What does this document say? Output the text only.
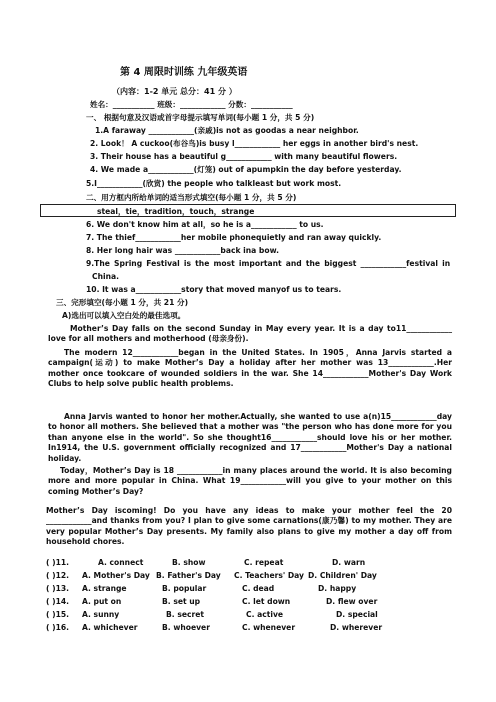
第 4 周限时训练 九年级英语
（内容：1-2 单元 总分：41 分 ）
姓名：___________ 班级：____________ 分数：___________
一、 根据句意及汉语或首字母提示填写单词(每小题 1 分，共 5 分)
1.A faraway ____________(亲戚)is not as goodas a near neighbor.
2. Look！ A cuckoo(布谷鸟)is busy l____________ her eggs in another bird's nest.
3. Their house has a beautiful g____________ with many beautiful flowers.
4. We made a____________(灯笼) out of apumpkin the day before yesterday.
5.I____________(欣赏) the people who talkleast but work most.
二、用方框内所给单词的适当形式填空(每小题 1 分，共 5 分)
steal，tie，tradition，touch，strange
6. We don't know him at all，so he is a____________ to us.
7. The thief____________her mobile phonequietly and ran away quickly.
8. Her long hair was ____________back ina bow.
9.The Spring Festival is the most important and the biggest ____________festival in
China.
10. It was a____________story that moved manyof us to tears.
三、完形填空(每小题 1 分，共 21 分)
A)选出可以填入空白处的最佳选项。
Mother’s Day falls on the second Sunday in May every year. It is a day to11____________ love for all mothers and motherhood (母亲身份).
The modern 12____________began in the United States. In 1905，Anna Jarvis started a campaign(运动) to make Mother’s Day a holiday after her mother was 13____________.Her mother once tookcare of wounded soldiers in the war. She 14____________Mother's Day Work Clubs to help solve public health problems.
Anna Jarvis wanted to honor her mother.Actually, she wanted to use a(n)15____________day to honor all mothers. She believed that a mother was "the person who has done more for you than anyone else in the world". So she thought16____________should love his or her mother. In1914, the U.S. government officially recognized and 17____________Mother's Day a national holiday.
Today，Mother’s Day is 18 ____________in many places around the world. It is also becoming more and more popular in China. What 19____________will you give to your mother on this coming Mother’s Day?
Mother’s Day iscoming! Do you have any ideas to make your mother feel the 20 ____________and thanks from you? I plan to give some carnations(康乃馨) to my mother. They are very popular Mother’s Day presents. My family also plans to give my mother a day off from household chores.
( )11.	A. connect	B. show	C. repeat	D. warn
( )12. A. Mother's Day B. Father's Day C. Teachers' Day D. Children' Day
( )13. A. strange	B. popular	C. dead	D. happy
( )14. A. put on	B. set up	C. let down	D. flew over
( )15. A. sunny	B. secret	C. active	D. special
( )16. A. whichever	B. whoever	C. whenever	D. wherever
